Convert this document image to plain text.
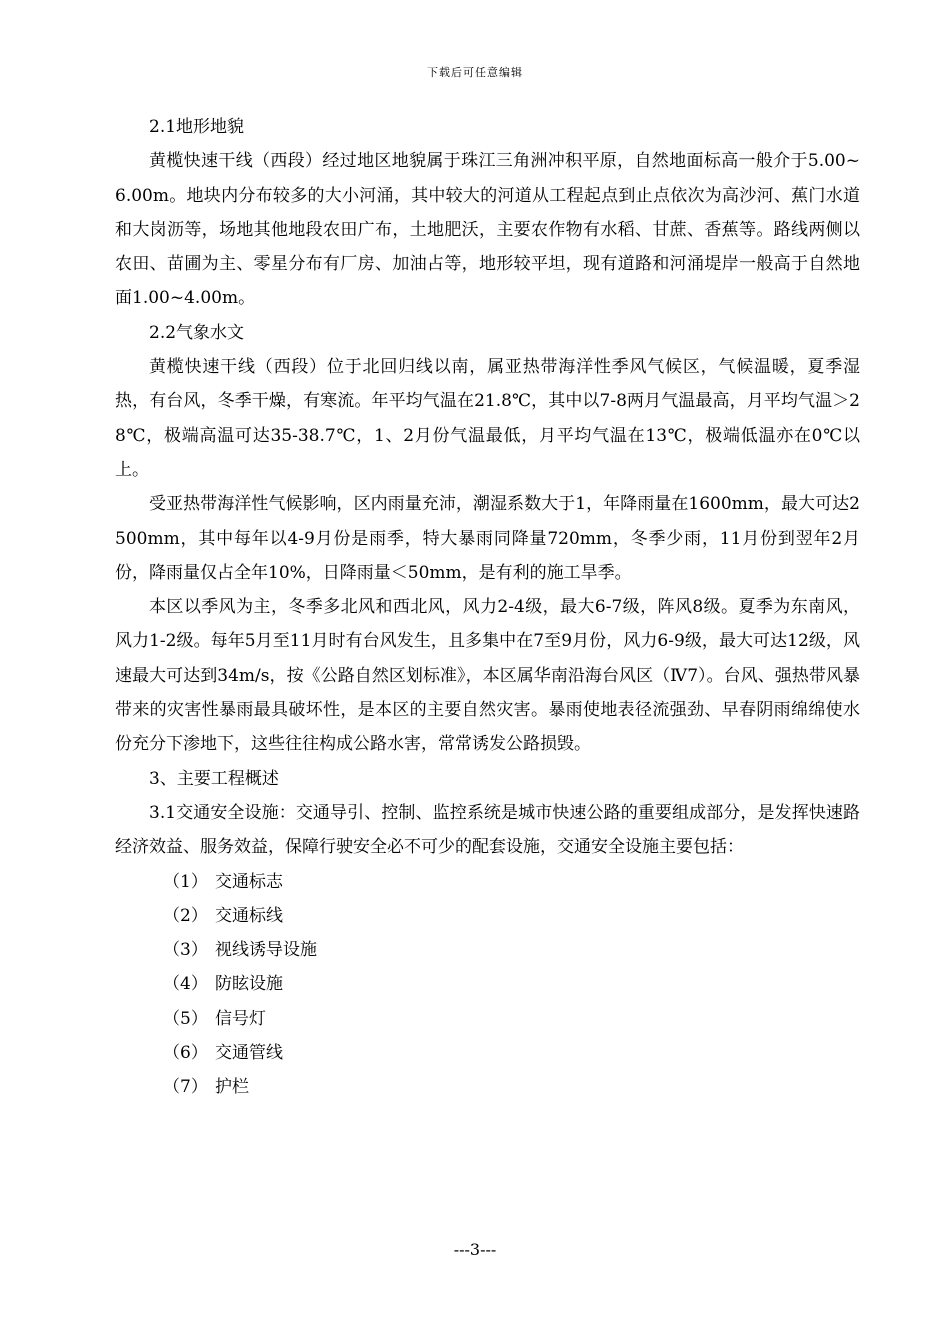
下载后可任意编辑

2.1地形地貌

黄榄快速干线（西段）经过地区地貌属于珠江三角洲冲积平原，自然地面标高一般介于5.00~6.00m。地块内分布较多的大小河涌，其中较大的河道从工程起点到止点依次为高沙河、蕉门水道和大岗沥等，场地其他地段农田广布，土地肥沃，主要农作物有水稻、甘蔗、香蕉等。路线两侧以农田、苗圃为主、零星分布有厂房、加油占等，地形较平坦，现有道路和河涌堤岸一般高于自然地面1.00~4.00m。

2.2气象水文

黄榄快速干线（西段）位于北回归线以南，属亚热带海洋性季风气候区，气候温暖，夏季湿热，有台风，冬季干燥，有寒流。年平均气温在21.8℃，其中以7-8两月气温最高，月平均气温＞28℃，极端高温可达35-38.7℃，1、2月份气温最低，月平均气温在13℃，极端低温亦在0℃以上。

受亚热带海洋性气候影响，区内雨量充沛，潮湿系数大于1，年降雨量在1600mm，最大可达2500mm，其中每年以4-9月份是雨季，特大暴雨同降量720mm，冬季少雨，11月份到翌年2月份，降雨量仅占全年10%，日降雨量＜50mm，是有利的施工旱季。

本区以季风为主，冬季多北风和西北风，风力2-4级，最大6-7级，阵风8级。夏季为东南风，风力1-2级。每年5月至11月时有台风发生，且多集中在7至9月份，风力6-9级，最大可达12级，风速最大可达到34m/s，按《公路自然区划标准》，本区属华南沿海台风区（Ⅳ7）。台风、强热带风暴带来的灾害性暴雨最具破坏性，是本区的主要自然灾害。暴雨使地表径流强劲、早春阴雨绵绵使水份充分下渗地下，这些往往构成公路水害，常常诱发公路损毁。

3、主要工程概述

3.1交通安全设施：交通导引、控制、监控系统是城市快速公路的重要组成部分，是发挥快速路经济效益、服务效益，保障行驶安全必不可少的配套设施，交通安全设施主要包括：

（1） 交通标志
（2） 交通标线
（3） 视线诱导设施
（4） 防眩设施
（5） 信号灯
（6） 交通管线
（7） 护栏
---3---
